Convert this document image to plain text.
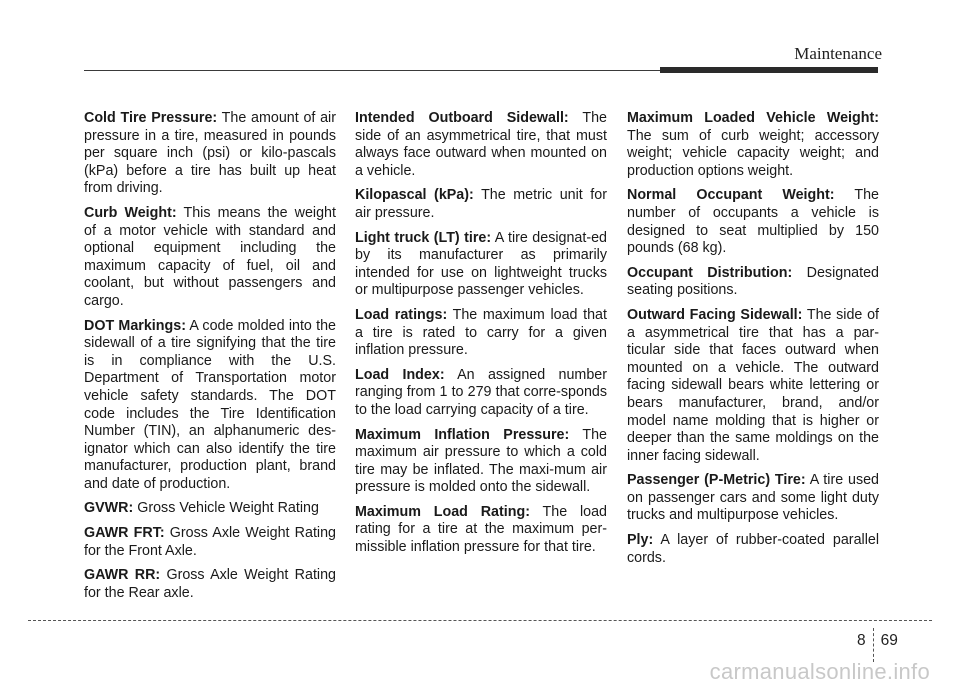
Maintenance

Cold Tire Pressure: The amount of air pressure in a tire, measured in pounds per square inch (psi) or kilo-pascals (kPa) before a tire has built up heat from driving.

Curb Weight: This means the weight of a motor vehicle with standard and optional equipment including the maximum capacity of fuel, oil and coolant, but without passengers and cargo.

DOT Markings: A code molded into the sidewall of a tire signifying that the tire is in compliance with the U.S. Department of Transportation motor vehicle safety standards. The DOT code includes the Tire Identification Number (TIN), an alphanumeric des-ignator which can also identify the tire manufacturer, production plant, brand and date of production.

GVWR: Gross Vehicle Weight Rating

GAWR FRT: Gross Axle Weight Rating for the Front Axle.

GAWR RR: Gross Axle Weight Rating for the Rear axle.

Intended Outboard Sidewall: The side of an asymmetrical tire, that must always face outward when mounted on a vehicle.

Kilopascal (kPa): The metric unit for air pressure.

Light truck (LT) tire: A tire designat-ed by its manufacturer as primarily intended for use on lightweight trucks or multipurpose passenger vehicles.

Load ratings: The maximum load that a tire is rated to carry for a given inflation pressure.

Load Index: An assigned number ranging from 1 to 279 that corre-sponds to the load carrying capacity of a tire.

Maximum Inflation Pressure: The maximum air pressure to which a cold tire may be inflated. The maxi-mum air pressure is molded onto the sidewall.

Maximum Load Rating: The load rating for a tire at the maximum per-missible inflation pressure for that tire.

Maximum Loaded Vehicle Weight: The sum of curb weight; accessory weight; vehicle capacity weight; and production options weight.

Normal Occupant Weight: The number of occupants a vehicle is designed to seat multiplied by 150 pounds (68 kg).

Occupant Distribution: Designated seating positions.

Outward Facing Sidewall: The side of a asymmetrical tire that has a par-ticular side that faces outward when mounted on a vehicle. The outward facing sidewall bears white lettering or bears manufacturer, brand, and/or model name molding that is higher or deeper than the same moldings on the inner facing sidewall.

Passenger (P-Metric) Tire: A tire used on passenger cars and some light duty trucks and multipurpose vehicles.

Ply: A layer of rubber-coated parallel cords.

8 69
carmanualsonline.info
